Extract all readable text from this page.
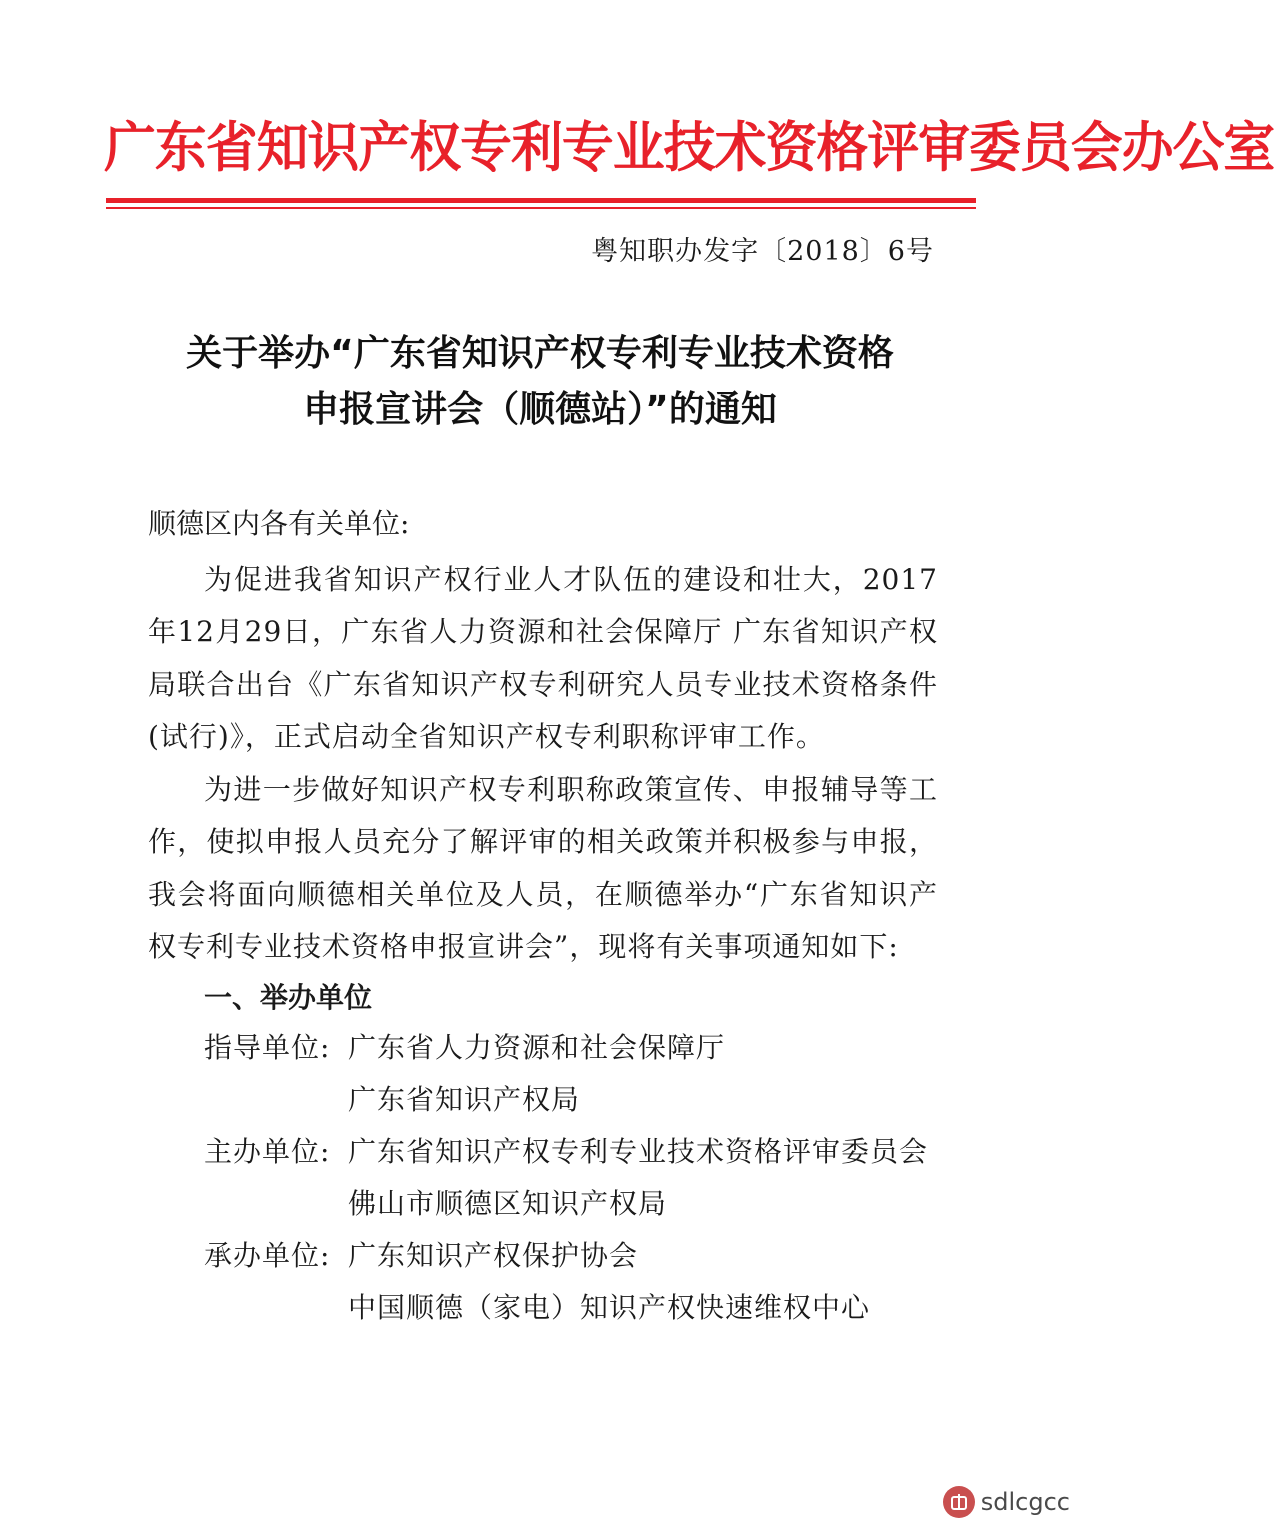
广东省知识产权专利专业技术资格评审委员会办公室
粤知职办发字〔2018〕6号
关于举办“广东省知识产权专利专业技术资格
申报宣讲会（顺德站）”的通知
顺德区内各有关单位:
为促进我省知识产权行业人才队伍的建设和壮大，2017年12月29日，广东省人力资源和社会保障厅 广东省知识产权局联合出台《广东省知识产权专利研究人员专业技术资格条件(试行)》，正式启动全省知识产权专利职称评审工作。
为进一步做好知识产权专利职称政策宣传、申报辅导等工作，使拟申报人员充分了解评审的相关政策并积极参与申报，我会将面向顺德相关单位及人员，在顺德举办“广东省知识产权专利专业技术资格申报宣讲会”，现将有关事项通知如下:
一、举办单位
指导单位: 广东省人力资源和社会保障厅
广东省知识产权局
主办单位: 广东省知识产权专利专业技术资格评审委员会
佛山市顺德区知识产权局
承办单位: 广东知识产权保护协会
中国顺德（家电）知识产权快速维权中心
sdlcgcc
